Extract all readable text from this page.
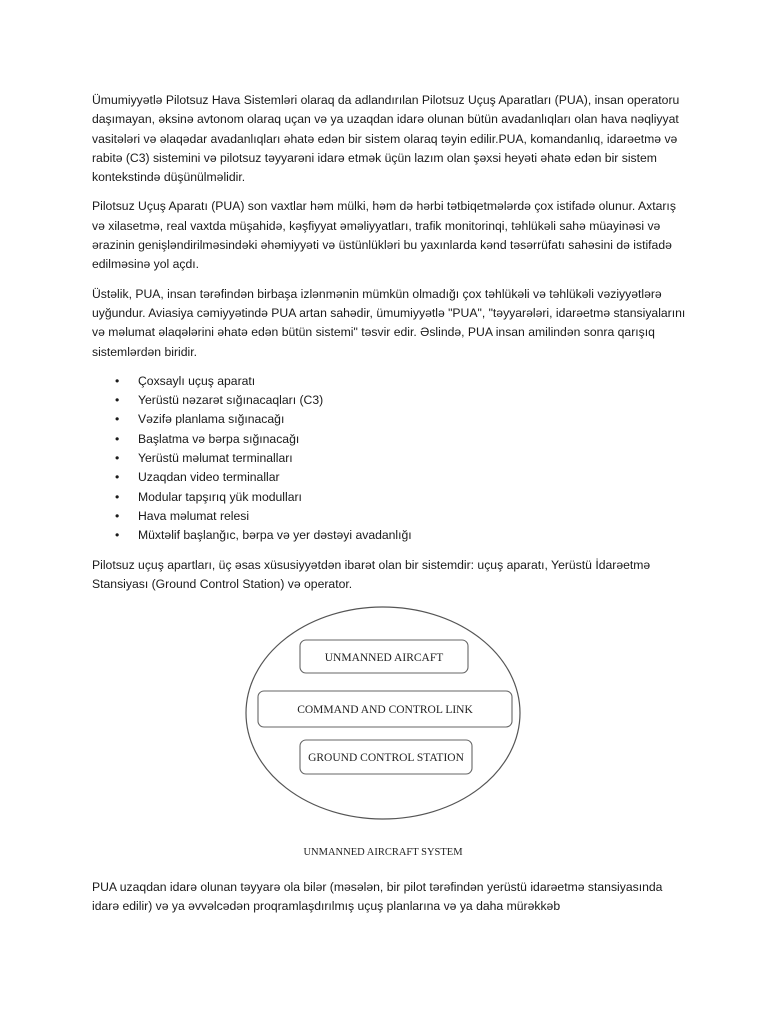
Ümumiyyətlə Pilotsuz Hava Sistemləri olaraq da adlandırılan Pilotsuz Uçuş Aparatları (PUA), insan operatoru daşımayan, əksinə avtonom olaraq uçan və ya uzaqdan idarə olunan bütün avadanlıqları olan hava nəqliyyat vasitələri və əlaqədar avadanlıqları əhatə edən bir sistem olaraq təyin edilir.PUA, komandanlıq, idarəetmə və rabitə (C3) sistemini və pilotsuz təyyarəni idarə etmək üçün lazım olan şəxsi heyəti əhatə edən bir sistem kontekstində düşünülməlidir.

Pilotsuz Uçuş Aparatı (PUA) son vaxtlar həm mülki, həm də hərbi tətbiqetmələrdə çox istifadə olunur. Axtarış və xilasetmə, real vaxtda müşahidə, kəşfiyyat əməliyyatları, trafik monitorinqi, təhlükəli sahə müayinəsi və ərazinin genişləndirilməsindəki əhəmiyyəti və üstünlükləri bu yaxınlarda kənd təsərrüfatı sahəsini də istifadə edilməsinə yol açdı.

Üstəlik, PUA, insan tərəfindən birbaşa izlənmənin mümkün olmadığı çox təhlükəli və təhlükəli vəziyyətlərə uyğundur. Aviasiya cəmiyyətində PUA artan sahədir, ümumiyyətlə "PUA", "təyyarələri, idarəetmə stansiyalarını və məlumat əlaqələrini əhatə edən bütün sistemi" təsvir edir. Əslində, PUA insan amilindən sonra qarışıq sistemlərdən biridir.

• Çoxsaylı uçuş aparatı
• Yerüstü nəzarət sığınacaqları (C3)
• Vəzifə planlama sığınacağı
• Başlatma və bərpa sığınacağı
• Yerüstü məlumat terminalları
• Uzaqdan video terminallar
• Modular tapşırıq yük modulları
• Hava məlumat relesi
• Müxtəlif başlanğıc, bərpa və yer dəstəyi avadanlığı

Pilotsuz uçuş apartları, üç əsas xüsusiyyətdən ibarət olan bir sistemdir: uçuş aparatı, Yerüstü İdarəetmə Stansiyası (Ground Control Station) və operator.

UNMANNED AIRCAFT
COMMAND AND CONTROL LINK
GROUND CONTROL STATION
UNMANNED AIRCRAFT SYSTEM

PUA uzaqdan idarə olunan təyyarə ola bilər (məsələn, bir pilot tərəfindən yerüstü idarəetmə stansiyasında idarə edilir) və ya əvvəlcədən proqramlaşdırılmış uçuş planlarına və ya daha mürəkkəb
